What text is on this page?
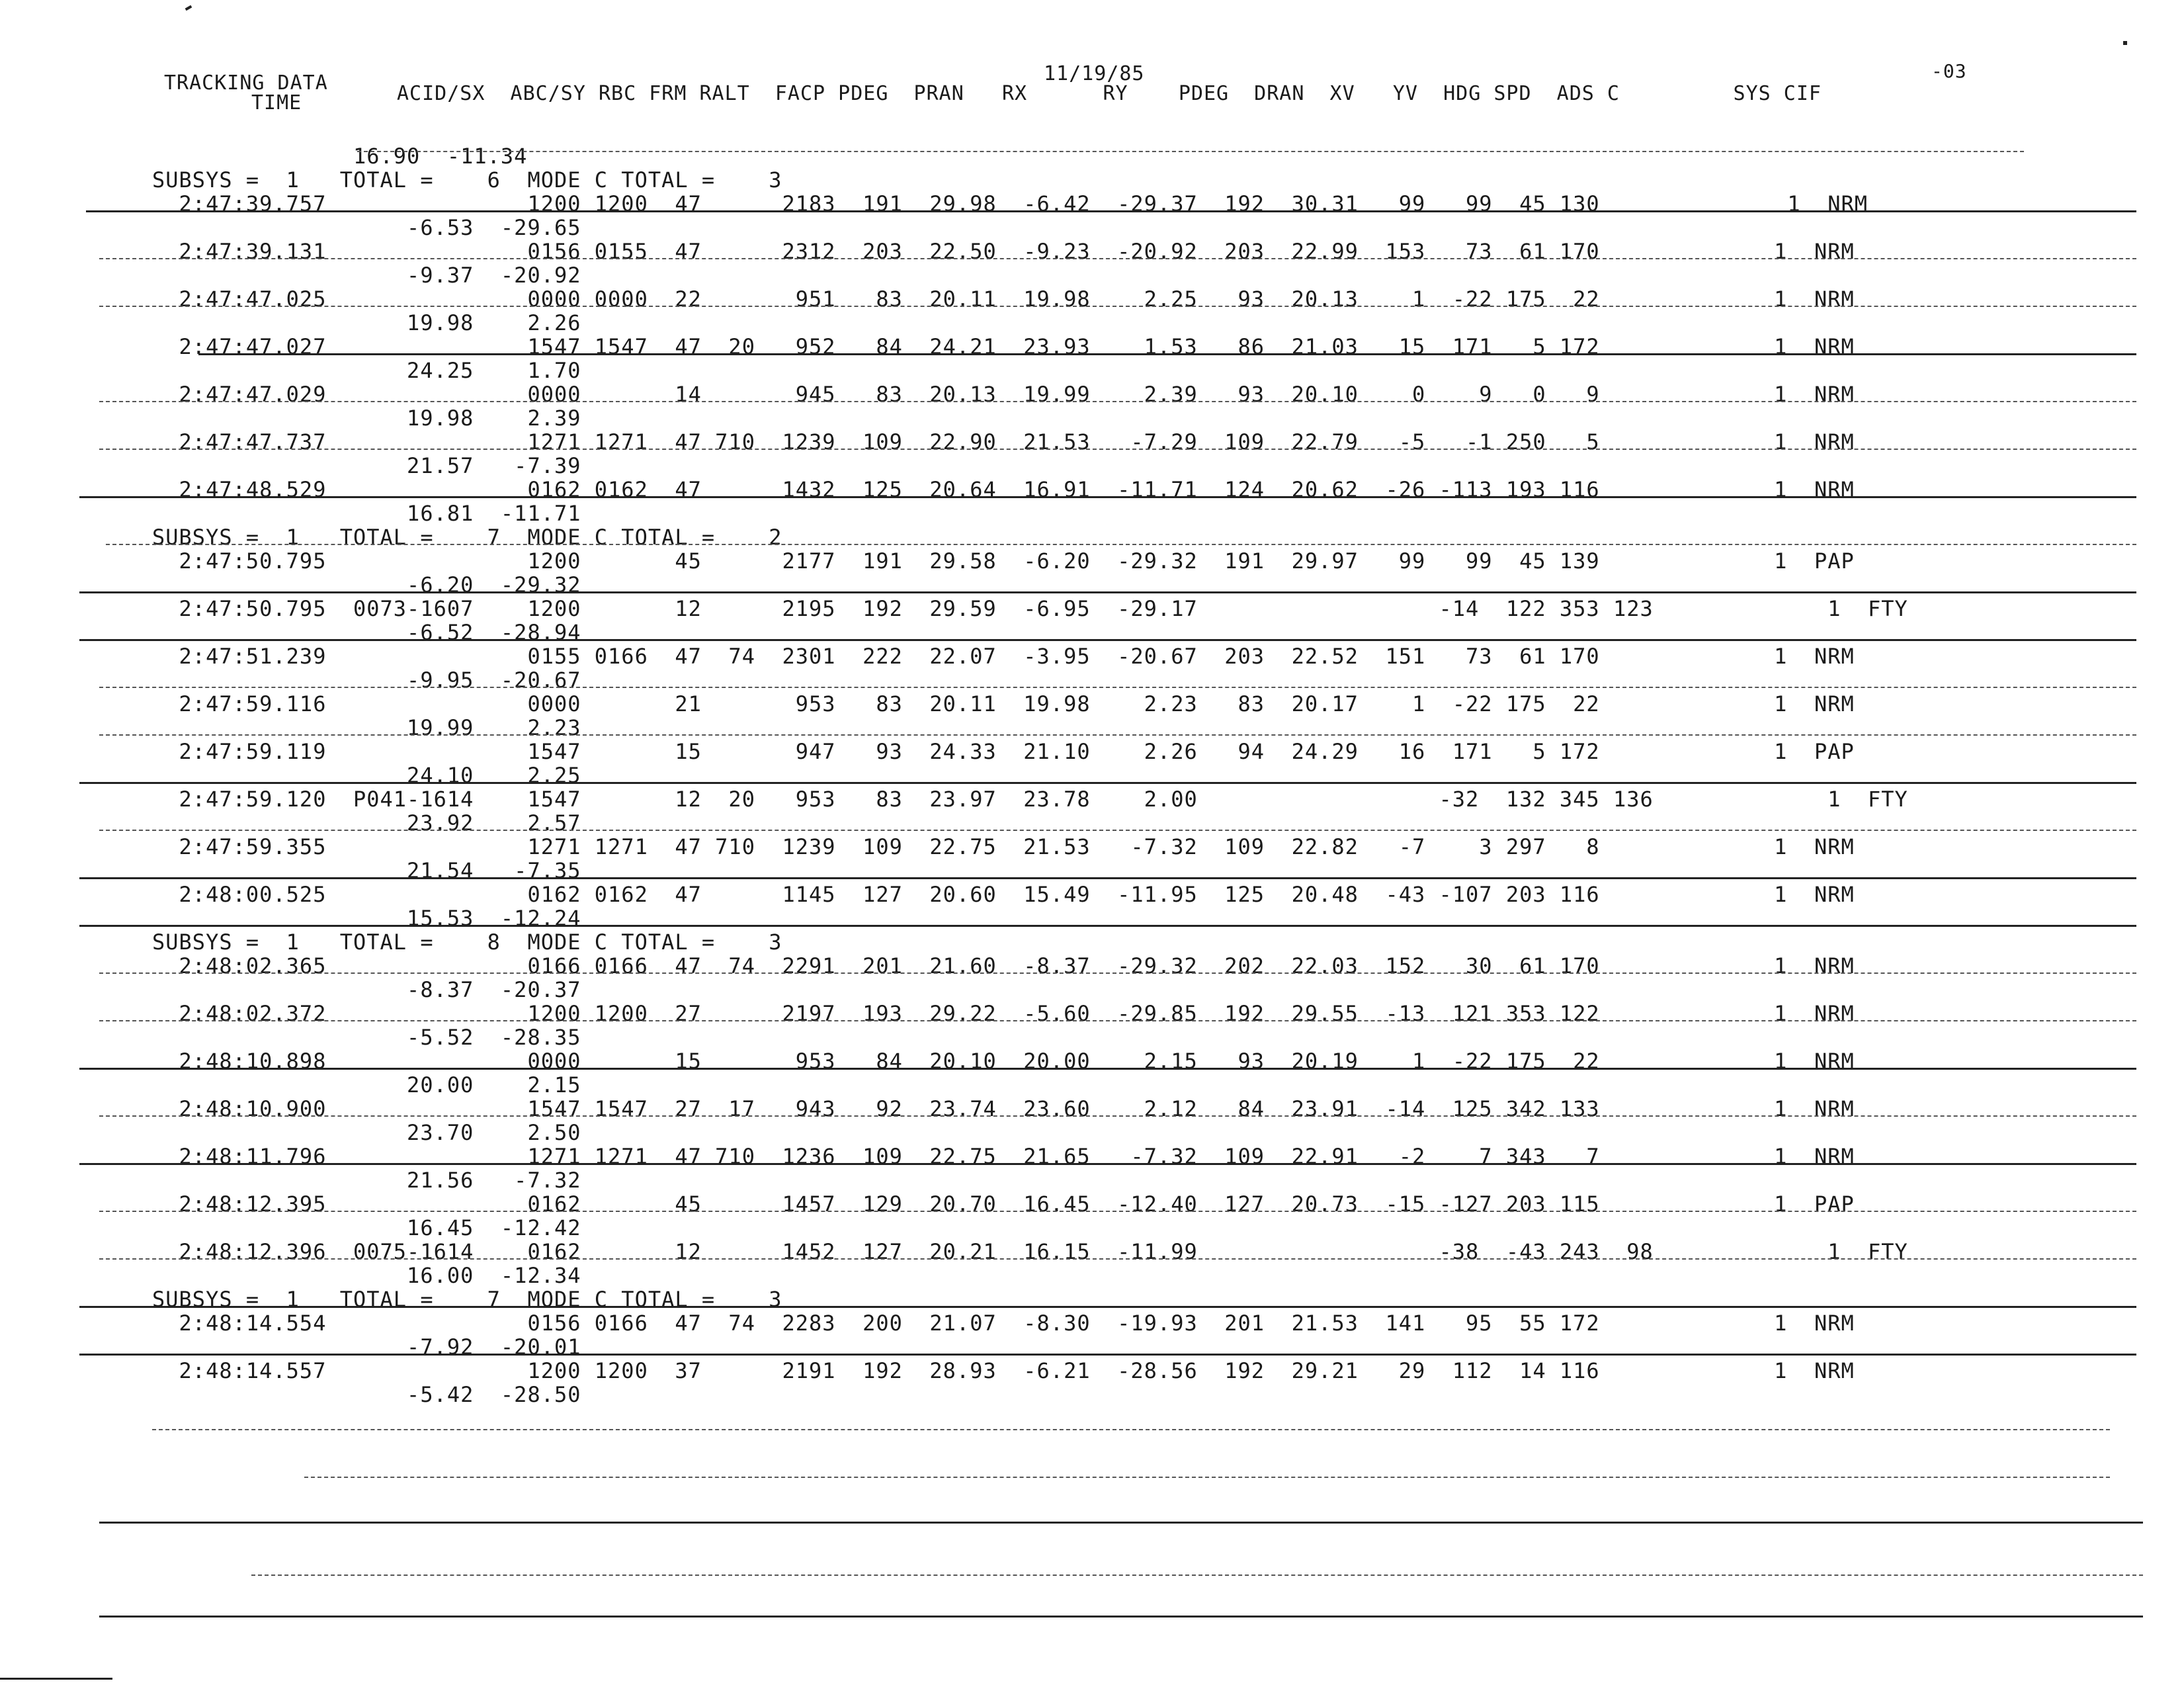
TRACKING DATA	11/19/85	-03
TIME	ACID/SX  ABC/SY RBC FRM RALT  FACP PDEG  PRAN   RX      RY    PDEG  DRAN  XV   YV  HDG SPD  ADS C         SYS CIF
16.90  -11.34
SUBSYS =  1   TOTAL =    6  MODE C TOTAL =    3
2:47:39.757               1200 1200  47      2183  191  29.98  -6.42  -29.37  192  30.31   99   99  45 130              1  NRM
-6.53  -29.65
2:47:39.131               0156 0155  47      2312  203  22.50  -9.23  -20.92  203  22.99  153   73  61 170             1  NRM
-9.37  -20.92
2:47:47.025               0000 0000  22       951   83  20.11  19.98    2.25   93  20.13    1  -22 175  22             1  NRM
19.98    2.26
2:47:47.027               1547 1547  47  20   952   84  24.21  23.93    1.53   86  21.03   15  171   5 172             1  NRM
24.25    1.70
2:47:47.029               0000       14       945   83  20.13  19.99    2.39   93  20.10    0    9   0   9             1  NRM
19.98    2.39
2:47:47.737               1271 1271  47 710  1239  109  22.90  21.53   -7.29  109  22.79   -5   -1 250   5             1  NRM
21.57   -7.39
2:47:48.529               0162 0162  47      1432  125  20.64  16.91  -11.71  124  20.62  -26 -113 193 116             1  NRM
16.81  -11.71
SUBSYS =  1   TOTAL =    7  MODE C TOTAL =    2
2:47:50.795               1200       45      2177  191  29.58  -6.20  -29.32  191  29.97   99   99  45 139             1  PAP
-6.20  -29.32
2:47:50.795  0073-1607    1200       12      2195  192  29.59  -6.95  -29.17                  -14  122 353 123             1  FTY
-6.52  -28.94
2:47:51.239               0155 0166  47  74  2301  222  22.07  -3.95  -20.67  203  22.52  151   73  61 170             1  NRM
-9.95  -20.67
2:47:59.116               0000       21       953   83  20.11  19.98    2.23   83  20.17    1  -22 175  22             1  NRM
19.99    2.23
2:47:59.119               1547       15       947   93  24.33  21.10    2.26   94  24.29   16  171   5 172             1  PAP
24.10    2.25
2:47:59.120  P041-1614    1547       12  20   953   83  23.97  23.78    2.00                  -32  132 345 136             1  FTY
23.92    2.57
2:47:59.355               1271 1271  47 710  1239  109  22.75  21.53   -7.32  109  22.82   -7    3 297   8             1  NRM
21.54   -7.35
2:48:00.525               0162 0162  47      1145  127  20.60  15.49  -11.95  125  20.48  -43 -107 203 116             1  NRM
15.53  -12.24
SUBSYS =  1   TOTAL =    8  MODE C TOTAL =    3
2:48:02.365               0166 0166  47  74  2291  201  21.60  -8.37  -29.32  202  22.03  152   30  61 170             1  NRM
-8.37  -20.37
2:48:02.372               1200 1200  27      2197  193  29.22  -5.60  -29.85  192  29.55  -13  121 353 122             1  NRM
-5.52  -28.35
2:48:10.898               0000       15       953   84  20.10  20.00    2.15   93  20.19    1  -22 175  22             1  NRM
20.00    2.15
2:48:10.900               1547 1547  27  17   943   92  23.74  23.60    2.12   84  23.91  -14  125 342 133             1  NRM
23.70    2.50
2:48:11.796               1271 1271  47 710  1236  109  22.75  21.65   -7.32  109  22.91   -2    7 343   7             1  NRM
21.56   -7.32
2:48:12.395               0162       45      1457  129  20.70  16.45  -12.40  127  20.73  -15 -127 203 115             1  PAP
16.45  -12.42
2:48:12.396  0075-1614    0162       12      1452  127  20.21  16.15  -11.99                  -38  -43 243  98             1  FTY
16.00  -12.34
SUBSYS =  1   TOTAL =    7  MODE C TOTAL =    3
2:48:14.554               0156 0166  47  74  2283  200  21.07  -8.30  -19.93  201  21.53  141   95  55 172             1  NRM
-7.92  -20.01
2:48:14.557               1200 1200  37      2191  192  28.93  -6.21  -28.56  192  29.21   29  112  14 116             1  NRM
-5.42  -28.50
